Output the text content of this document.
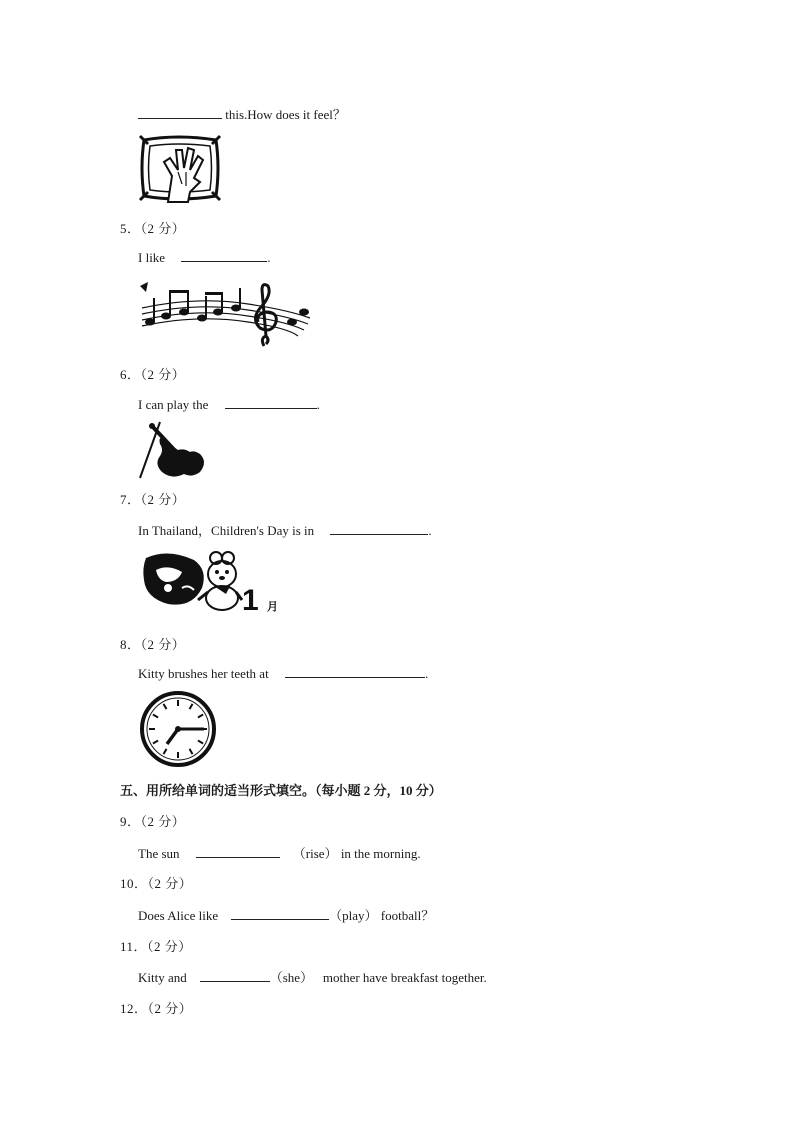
this.How does it feel？
5．（2 分）
I like	.
6．（2 分）
I can play the	.
7．（2 分）
In Thailand，Children's Day is in	.
1 月
8．（2 分）
Kitty brushes her teeth at	.
五、用所给单词的适当形式填空。（每小题 2 分，10 分）
9．（2 分）
The sun	（rise） in the morning.
10．（2 分）
Does Alice like	（play） football？
11．（2 分）
Kitty and	（she）   mother have breakfast together.
12．（2 分）
